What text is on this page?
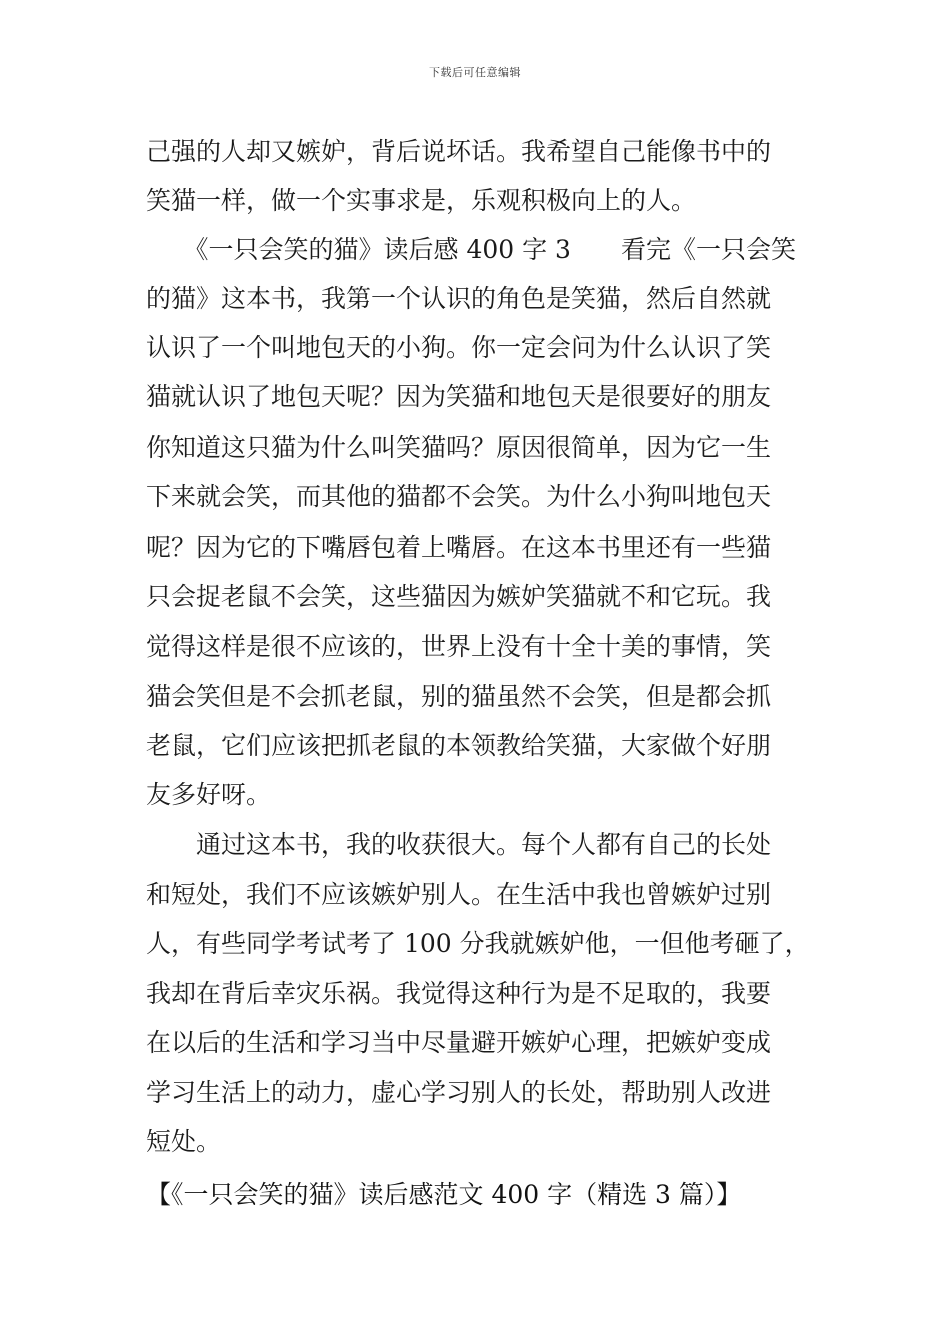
下载后可任意编辑
己强的人却又嫉妒，背后说坏话。我希望自己能像书中的
笑猫一样，做一个实事求是，乐观积极向上的人。
　　《一只会笑的猫》读后感 400 字 3　　看完《一只会笑
的猫》这本书，我第一个认识的角色是笑猫，然后自然就
认识了一个叫地包天的小狗。你一定会问为什么认识了笑
猫就认识了地包天呢？因为笑猫和地包天是很要好的朋友
你知道这只猫为什么叫笑猫吗？原因很简单，因为它一生
下来就会笑，而其他的猫都不会笑。为什么小狗叫地包天
呢？因为它的下嘴唇包着上嘴唇。在这本书里还有一些猫
只会捉老鼠不会笑，这些猫因为嫉妒笑猫就不和它玩。我
觉得这样是很不应该的，世界上没有十全十美的事情，笑
猫会笑但是不会抓老鼠，别的猫虽然不会笑，但是都会抓
老鼠，它们应该把抓老鼠的本领教给笑猫，大家做个好朋
友多好呀。
　　通过这本书，我的收获很大。每个人都有自己的长处
和短处，我们不应该嫉妒别人。在生活中我也曾嫉妒过别
人，有些同学考试考了 100 分我就嫉妒他，一但他考砸了，
我却在背后幸灾乐祸。我觉得这种行为是不足取的，我要
在以后的生活和学习当中尽量避开嫉妒心理，把嫉妒变成
学习生活上的动力，虚心学习别人的长处，帮助别人改进
短处。
【《一只会笑的猫》读后感范文 400 字（精选 3 篇）】
